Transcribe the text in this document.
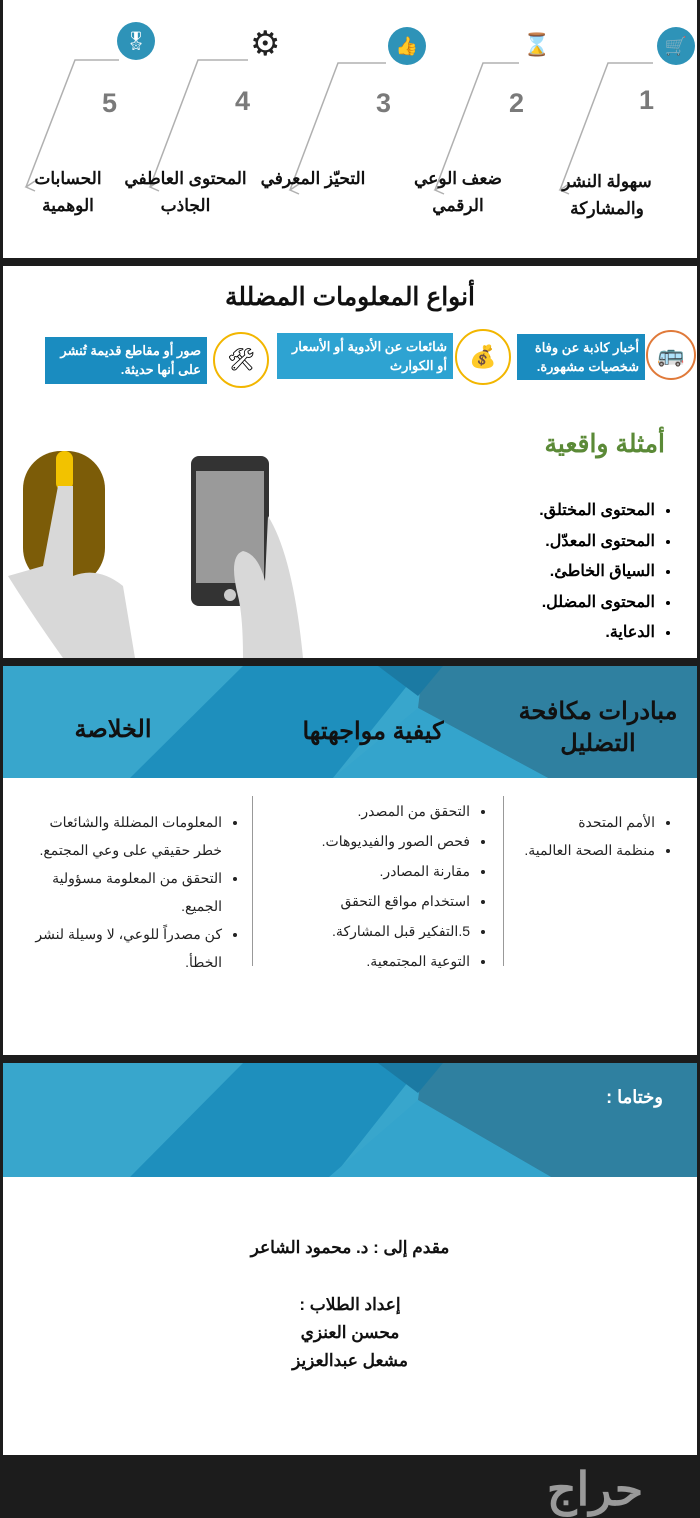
🛒
⌛
👍
⚙
🎖
1
2
3
4
5
سهولة النشر والمشاركة
ضعف الوعي الرقمي
التحيّز المعرفي
المحتوى العاطفي الجاذب
الحسابات الوهمية
أنواع المعلومات المضللة
🚌
أخبار كاذبة عن وفاة شخصيات مشهورة.
💰
شائعات عن الأدوية أو الأسعار أو الكوارث
🛠
صور أو مقاطع قديمة تُنشر على أنها حديثة.
أمثلة واقعية
• المحتوى المختلق.
• المحتوى المعدّل.
• السياق الخاطئ.
• المحتوى المضلل.
• الدعاية.
مبادرات مكافحة التضليل
كيفية مواجهتها
الخلاصة
• الأمم المتحدة
• منظمة الصحة العالمية.
• التحقق من المصدر.
• فحص الصور والفيديوهات.
• مقارنة المصادر.
• استخدام مواقع التحقق
• 5.التفكير قبل المشاركة.
• التوعية المجتمعية.
• المعلومات المضللة والشائعات خطر حقيقي على وعي المجتمع.
• التحقق من المعلومة مسؤولية الجميع.
• كن مصدراً للوعي، لا وسيلة لنشر الخطأ.
وختاما :
مقدم إلى : د. محمود الشاعر
إعداد الطلاب :
محسن العنزي
مشعل عبدالعزيز
حراج
